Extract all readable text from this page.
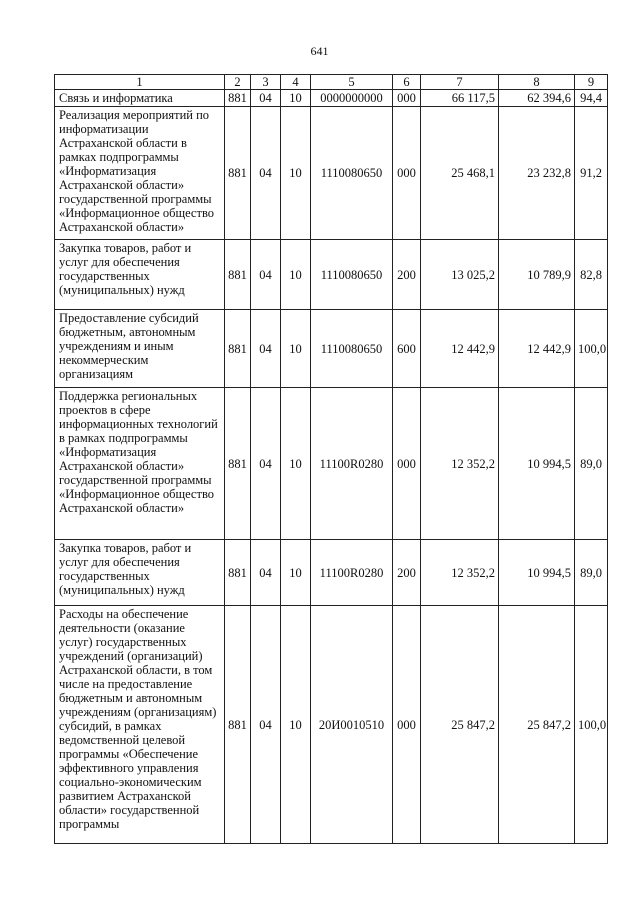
641
1	2	3	4	5	6	7	8	9
Связь и информатика	881	04	10	0000000000	000	66 117,5	62 394,6	94,4
Реализация мероприятий по информатизации Астраханской области в рамках подпрограммы «Информатизация Астраханской области» государственной программы «Информационное общество Астраханской области»	881	04	10	1110080650	000	25 468,1	23 232,8	91,2
Закупка товаров, работ и услуг для обеспечения государственных (муниципальных) нужд	881	04	10	1110080650	200	13 025,2	10 789,9	82,8
Предоставление субсидий бюджетным, автономным учреждениям и иным некоммерческим организациям	881	04	10	1110080650	600	12 442,9	12 442,9	100,0
Поддержка региональных проектов в сфере информационных технологий в рамках подпрограммы «Информатизация Астраханской области» государственной программы «Информационное общество Астраханской области»	881	04	10	11100R0280	000	12 352,2	10 994,5	89,0
Закупка товаров, работ и услуг для обеспечения государственных (муниципальных) нужд	881	04	10	11100R0280	200	12 352,2	10 994,5	89,0
Расходы на обеспечение деятельности (оказание услуг) государственных учреждений (организаций) Астраханской области, в том числе на предоставление бюджетным и автономным учреждениям (организациям) субсидий, в рамках ведомственной целевой программы «Обеспечение эффективного управления социально-экономическим развитием Астраханской области» государственной программы	881	04	10	20И0010510	000	25 847,2	25 847,2	100,0
